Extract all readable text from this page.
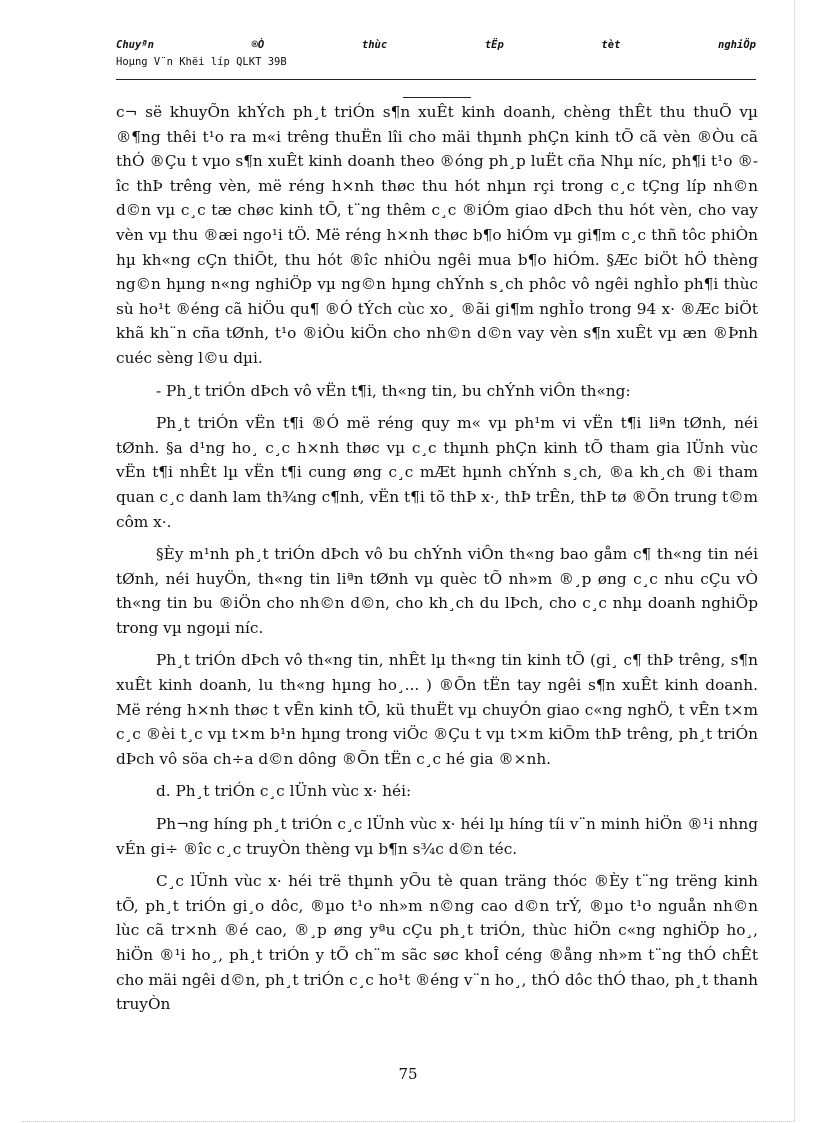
Chuyªn	®Ò	thùc	tËp	tèt	nghiÖp
Hoµng V¨n Khëi líp QLKT 39B

c¬ së khuyÕn khÝch ph¸t triÓn s¶n xuÊt kinh doanh, chèng thÊt thu thuÕ vµ ®¶ng thêi t¹o ra m«i trêng thuËn lîi cho mäi thµnh phÇn kinh tÕ cã vèn ®Òu cã thÓ ®Çu t vµo s¶n xuÊt kinh doanh theo ®óng ph¸p luËt cña Nhµ níc, ph¶i t¹o ®îc thÞ trêng vèn, më réng h×nh thøc thu hót nhµn rçi trong c¸c tÇng líp nh©n d©n vµ c¸c tæ chøc kinh tÕ, t¨ng thêm c¸c ®iÓm giao dÞch thu hót vèn, cho vay vèn vµ thu ®æi ngo¹i tÖ. Më réng h×nh thøc b¶o hiÓm vµ gi¶m c¸c thñ tôc phiÒn hµ kh«ng cÇn thiÕt, thu hót ®îc nhiÒu ngêi mua b¶o hiÓm. §Æc biÖt hÖ thèng ng©n hµng n«ng nghiÖp vµ ng©n hµng chÝnh s¸ch phôc vô ngêi nghÌo ph¶i thùc sù ho¹t ®éng cã hiÖu qu¶ ®Ó tÝch cùc xo¸ ®ãi gi¶m nghÌo trong 94 x· ®Æc biÖt khã kh¨n cña tØnh, t¹o ®iÒu kiÖn cho nh©n d©n vay vèn s¶n xuÊt vµ æn ®Þnh cuéc sèng l©u dµi.

- Ph¸t triÓn dÞch vô vËn t¶i, th«ng tin, bu chÝnh viÔn th«ng:

Ph¸t triÓn vËn t¶i ®Ó më réng quy m« vµ ph¹m vi vËn t¶i liªn tØnh, néi tØnh. §a d¹ng ho¸ c¸c h×nh thøc vµ c¸c thµnh phÇn kinh tÕ tham gia lÜnh vùc vËn t¶i nhÊt lµ vËn t¶i cung øng c¸c mÆt hµnh chÝnh s¸ch, ®a kh¸ch ®i tham quan c¸c danh lam th¾ng c¶nh, vËn t¶i tõ thÞ x·, thÞ trÊn, thÞ tø ®Õn trung t©m côm x·.

§Èy m¹nh ph¸t triÓn dÞch vô bu chÝnh viÔn th«ng bao gåm c¶ th«ng tin néi tØnh, néi huyÖn, th«ng tin liªn tØnh vµ quèc tÕ nh»m ®¸p øng c¸c nhu cÇu vÒ th«ng tin bu ®iÖn cho nh©n d©n, cho kh¸ch du lÞch, cho c¸c nhµ doanh nghiÖp trong vµ ngoµi níc.

Ph¸t triÓn dÞch vô th«ng tin, nhÊt lµ th«ng tin kinh tÕ (gi¸ c¶ thÞ trêng, s¶n xuÊt kinh doanh, lu th«ng hµng ho¸... ) ®Õn tËn tay ngêi s¶n xuÊt kinh doanh. Më réng h×nh thøc t vÊn kinh tÕ, kü thuËt vµ chuyÓn giao c«ng nghÖ, t vÊn t×m c¸c ®èi t¸c vµ t×m b¹n hµng trong viÖc ®Çu t vµ t×m kiÕm thÞ trêng, ph¸t triÓn dÞch vô söa ch÷a d©n dông ®Õn tËn c¸c hé gia ®×nh.

d. Ph¸t triÓn c¸c lÜnh vùc x· héi:

Ph¬ng híng ph¸t triÓn c¸c lÜnh vùc x· héi lµ híng tíi v¨n minh hiÖn ®¹i nhng vÉn gi÷ ®îc c¸c truyÒn thèng vµ b¶n s¾c d©n téc.

C¸c lÜnh vùc x· héi trë thµnh yÕu tè quan träng thóc ®Èy t¨ng trëng kinh tÕ, ph¸t triÓn gi¸o dôc, ®µo t¹o nh»m n©ng cao d©n trÝ, ®µo t¹o nguån nh©n lùc cã tr×nh ®é cao, ®¸p øng yªu cÇu ph¸t triÓn, thùc hiÖn c«ng nghiÖp ho¸, hiÖn ®¹i ho¸, ph¸t triÓn y tÕ ch¨m sãc søc khoÎ céng ®ång nh»m t¨ng thÓ chÊt cho mäi ngêi d©n, ph¸t triÓn c¸c ho¹t ®éng v¨n ho¸, thÓ dôc thÓ thao, ph¸t thanh truyÒn

75
